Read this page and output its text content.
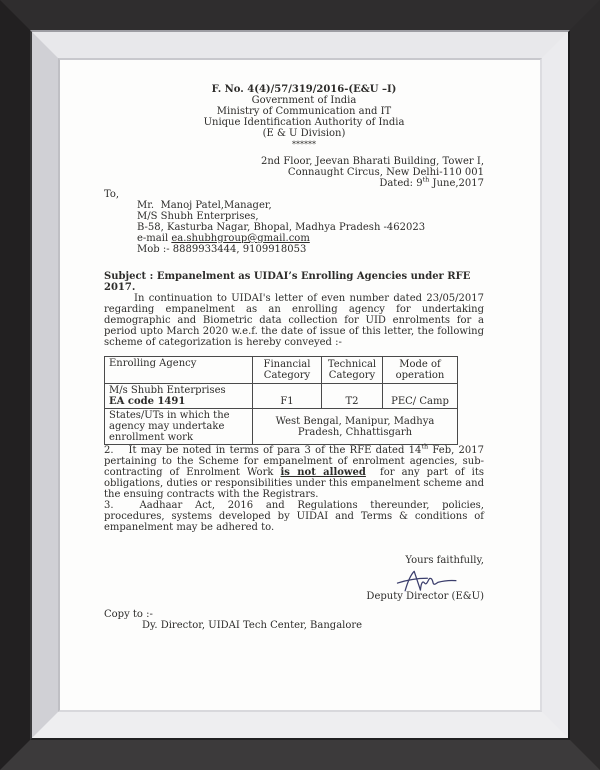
F. No. 4(4)/57/319/2016-(E&U –I)
Government of India
Ministry of Communication and IT
Unique Identification Authority of India
(E & U Division)
******
2nd Floor, Jeevan Bharati Building, Tower I,
Connaught Circus, New Delhi-110 001
Dated: 9th June,2017
To,
Mr.  Manoj Patel,Manager,
M/S Shubh Enterprises,
B-58, Kasturba Nagar, Bhopal, Madhya Pradesh -462023
e-mail ea.shubhgroup@gmail.com
Mob :- 8889933444, 9109918053
Subject : Empanelment as UIDAI’s Enrolling Agencies under RFE 2017.

In continuation to UIDAI's letter of even number dated 23/05/2017 regarding empanelment as an enrolling agency for undertaking demographic and Biometric data collection for UID enrolments for a period upto March 2020 w.e.f. the date of issue of this letter, the following scheme of categorization is hereby conveyed :-

Enrolling Agency	Financial Category	Technical Category	Mode of operation

M/s Shubh Enterprises
EA code 1491	F1	T2	PEC/ Camp
States/UTs in which the agency may undertake enrollment work	West Bengal, Manipur, Madhya Pradesh, Chhattisgarh		

2. It may be noted in terms of para 3 of the RFE dated 14th Feb, 2017 pertaining to the Scheme for empanelment of enrolment agencies, sub-contracting of Enrolment Work is not allowed  for any part of its obligations, duties or responsibilities under this empanelment scheme and the ensuing contracts with the Registrars.

3.	Aadhaar Act, 2016 and Regulations thereunder, policies, procedures, systems developed by UIDAI and Terms & conditions of empanelment may be adhered to.

Yours faithfully,
Deputy Director (E&U)
Copy to :-
Dy. Director, UIDAI Tech Center, Bangalore
